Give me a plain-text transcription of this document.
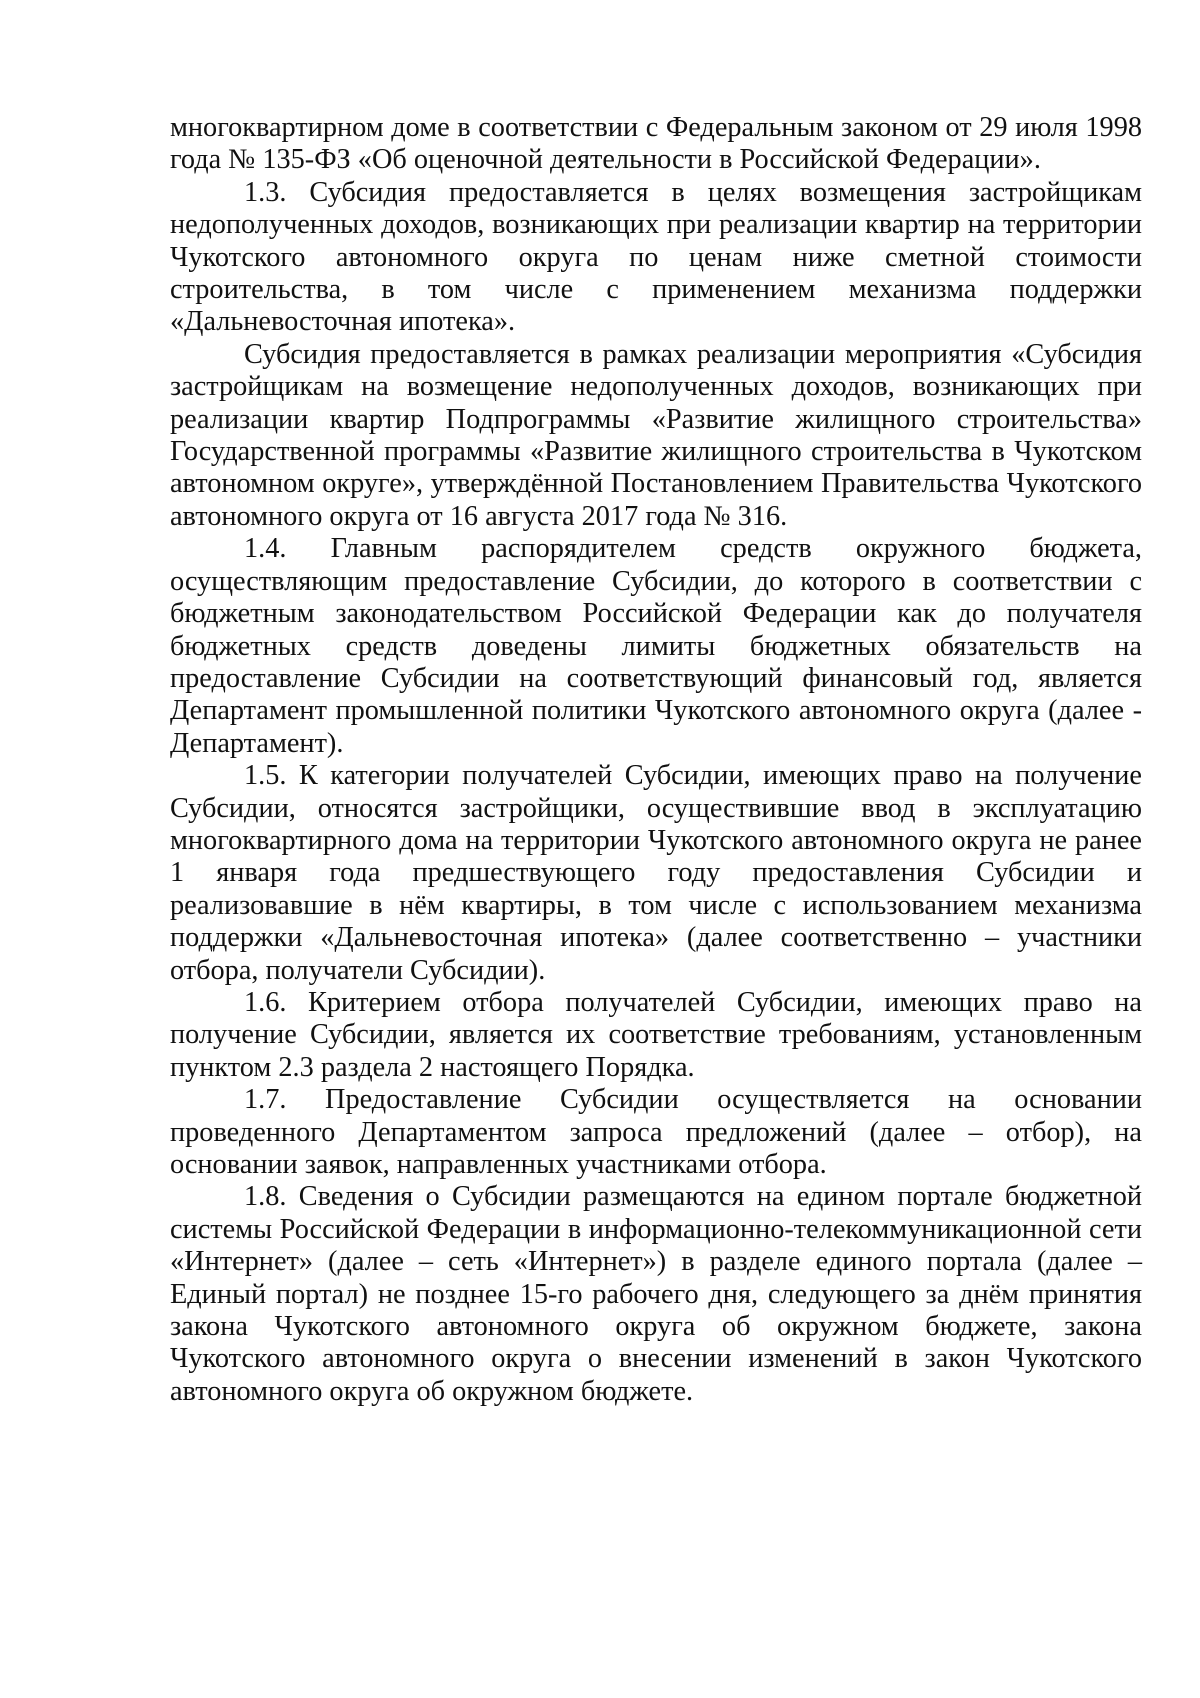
многоквартирном доме в соответствии с Федеральным законом от 29 июля 1998 года № 135-ФЗ «Об оценочной деятельности в Российской Федерации».

1.3. Субсидия предоставляется в целях возмещения застройщикам недополученных доходов, возникающих при реализации квартир на территории Чукотского автономного округа по ценам ниже сметной стоимости строительства, в том числе с применением механизма поддержки «Дальневосточная ипотека».

Субсидия предоставляется в рамках реализации мероприятия «Субсидия застройщикам на возмещение недополученных доходов, возникающих при реализации квартир Подпрограммы «Развитие жилищного строительства» Государственной программы «Развитие жилищного строительства в Чукотском автономном округе», утверждённой Постановлением Правительства Чукотского автономного округа от 16 августа 2017 года № 316.

1.4. Главным распорядителем средств окружного бюджета, осуществляющим предоставление Субсидии, до которого в соответствии с бюджетным законодательством Российской Федерации как до получателя бюджетных средств доведены лимиты бюджетных обязательств на предоставление Субсидии на соответствующий финансовый год, является Департамент промышленной политики Чукотского автономного округа (далее - Департамент).

1.5. К категории получателей Субсидии, имеющих право на получение Субсидии, относятся застройщики, осуществившие ввод в эксплуатацию многоквартирного дома на территории Чукотского автономного округа не ранее 1 января года предшествующего году предоставления Субсидии и реализовавшие в нём квартиры, в том числе с использованием механизма поддержки «Дальневосточная ипотека» (далее соответственно – участники отбора, получатели Субсидии).

1.6. Критерием отбора получателей Субсидии, имеющих право на получение Субсидии, является их соответствие требованиям, установленным пунктом 2.3 раздела 2 настоящего Порядка.

1.7. Предоставление Субсидии осуществляется на основании проведенного Департаментом запроса предложений (далее – отбор), на основании заявок, направленных участниками отбора.

1.8. Сведения о Субсидии размещаются на едином портале бюджетной системы Российской Федерации в информационно-телекоммуникационной сети «Интернет» (далее – сеть «Интернет») в разделе единого портала (далее – Единый портал) не позднее 15-го рабочего дня, следующего за днём принятия закона Чукотского автономного округа об окружном бюджете, закона Чукотского автономного округа о внесении изменений в закон Чукотского автономного округа об окружном бюджете.
